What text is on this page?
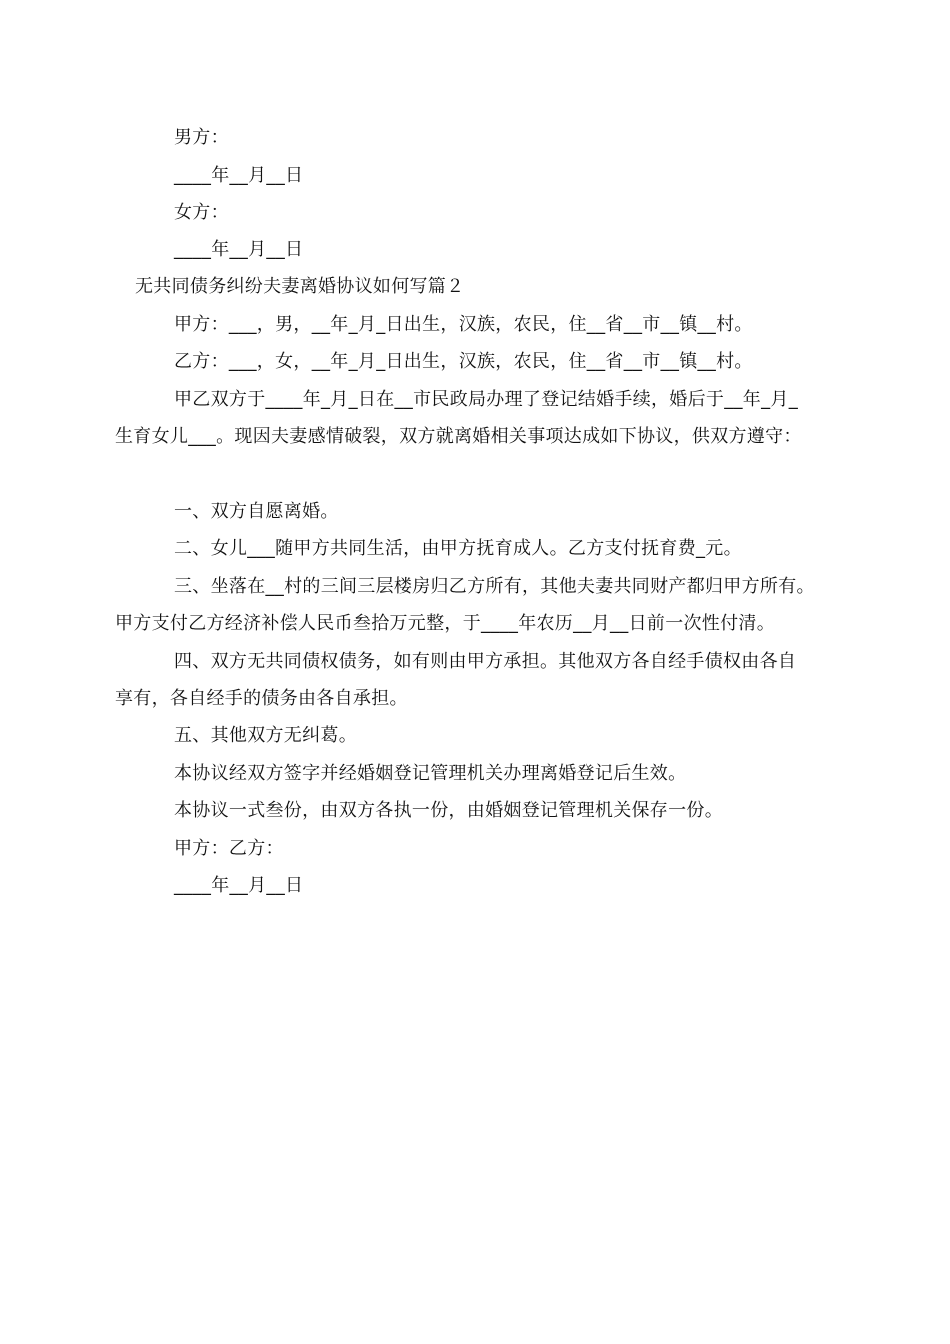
男方：
____年__月__日
女方：
____年__月__日
无共同债务纠纷夫妻离婚协议如何写篇２
甲方：___，男，__年_月_日出生，汉族，农民，住__省__市__镇__村。
乙方：___，女，__年_月_日出生，汉族，农民，住__省__市__镇__村。
甲乙双方于____年_月_日在__市民政局办理了登记结婚手续，婚后于__年_月_
生育女儿___。现因夫妻感情破裂，双方就离婚相关事项达成如下协议，供双方遵守：
一、双方自愿离婚。
二、女儿___随甲方共同生活，由甲方抚育成人。乙方支付抚育费_元。
三、坐落在__村的三间三层楼房归乙方所有，其他夫妻共同财产都归甲方所有。
甲方支付乙方经济补偿人民币叁拾万元整，于____年农历__月__日前一次性付清。
四、双方无共同债权债务，如有则由甲方承担。其他双方各自经手债权由各自
享有，各自经手的债务由各自承担。
五、其他双方无纠葛。
本协议经双方签字并经婚姻登记管理机关办理离婚登记后生效。
本协议一式叁份，由双方各执一份，由婚姻登记管理机关保存一份。
甲方：乙方：
____年__月__日
